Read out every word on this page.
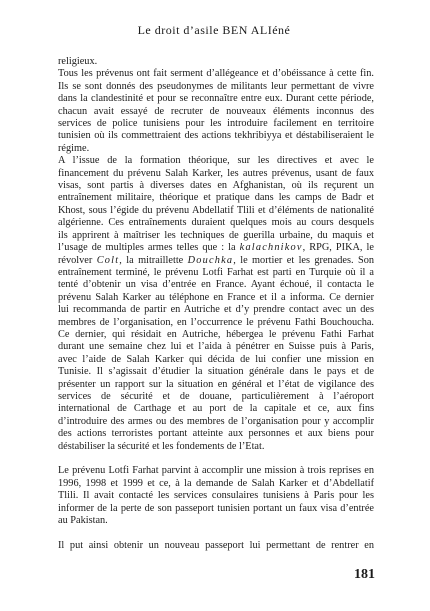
Le droit d’asile BEN ALIéné
religieux.
Tous les prévenus ont fait serment d’allégeance et d’obéissance à cette fin.
Ils se sont donnés des pseudonymes de militants leur permettant de vivre
dans la clandestinité et pour se reconnaître entre eux. Durant cette période,
chacun avait essayé de recruter de nouveaux éléments inconnus des
services de police tunisiens pour les introduire facilement en territoire
tunisien où ils commettraient des actions tekhribiyya et déstabiliseraient le
régime.
A l’issue de la formation théorique, sur les directives et avec le
financement du prévenu Salah Karker, les autres prévenus, usant de faux
visas, sont partis à diverses dates en Afghanistan, où ils reçurent un
entraînement militaire, théorique et pratique dans les camps de Badr et
Khost, sous l’égide du prévenu Abdellatif Tlili et d’éléments de nationalité
algérienne. Ces entraînements duraient quelques mois au cours desquels
ils apprirent à maîtriser les techniques de guerilla urbaine, du maquis et
l’usage de multiples armes telles que : la kalachnikov, RPG, PIKA, le
révolver Colt, la mitraillette Douchka, le mortier et les grenades. Son
entraînement terminé, le prévenu Lotfi Farhat est parti en Turquie où il a
tenté d’obtenir un visa d’entrée en France. Ayant échoué, il contacta le
prévenu Salah Karker au téléphone en France et il a informa. Ce dernier
lui recommanda de partir en Autriche et d’y prendre contact avec un des
membres de l’organisation, en l’occurrence le prévenu Fathi Bouchoucha.
Ce dernier, qui résidait en Autriche, hébergea le prévenu Fathi Farhat
durant une semaine chez lui et l’aida à pénétrer en Suisse puis à Paris,
avec l’aide de Salah Karker qui décida de lui confier une mission en
Tunisie. Il s’agissait d’étudier la situation générale dans le pays et de
présenter un rapport sur la situation en général et l’état de vigilance des
services de sécurité et de douane, particulièrement à l’aéroport
international de Carthage et au port de la capitale et ce, aux fins
d’introduire des armes ou des membres de l’organisation pour y accomplir
des actions terroristes portant atteinte aux personnes et aux biens pour
déstabiliser la sécurité et les fondements de l’Etat.
Le prévenu Lotfi Farhat parvint à accomplir une mission à trois reprises en
1996, 1998 et 1999 et ce, à la demande de Salah Karker et d’Abdellatif
Tlili. Il avait contacté les services consulaires tunisiens à Paris pour les
informer de la perte de son passeport tunisien portant un faux visa d’entrée
au Pakistan.
Il put ainsi obtenir un nouveau passeport lui permettant de rentrer en
181
